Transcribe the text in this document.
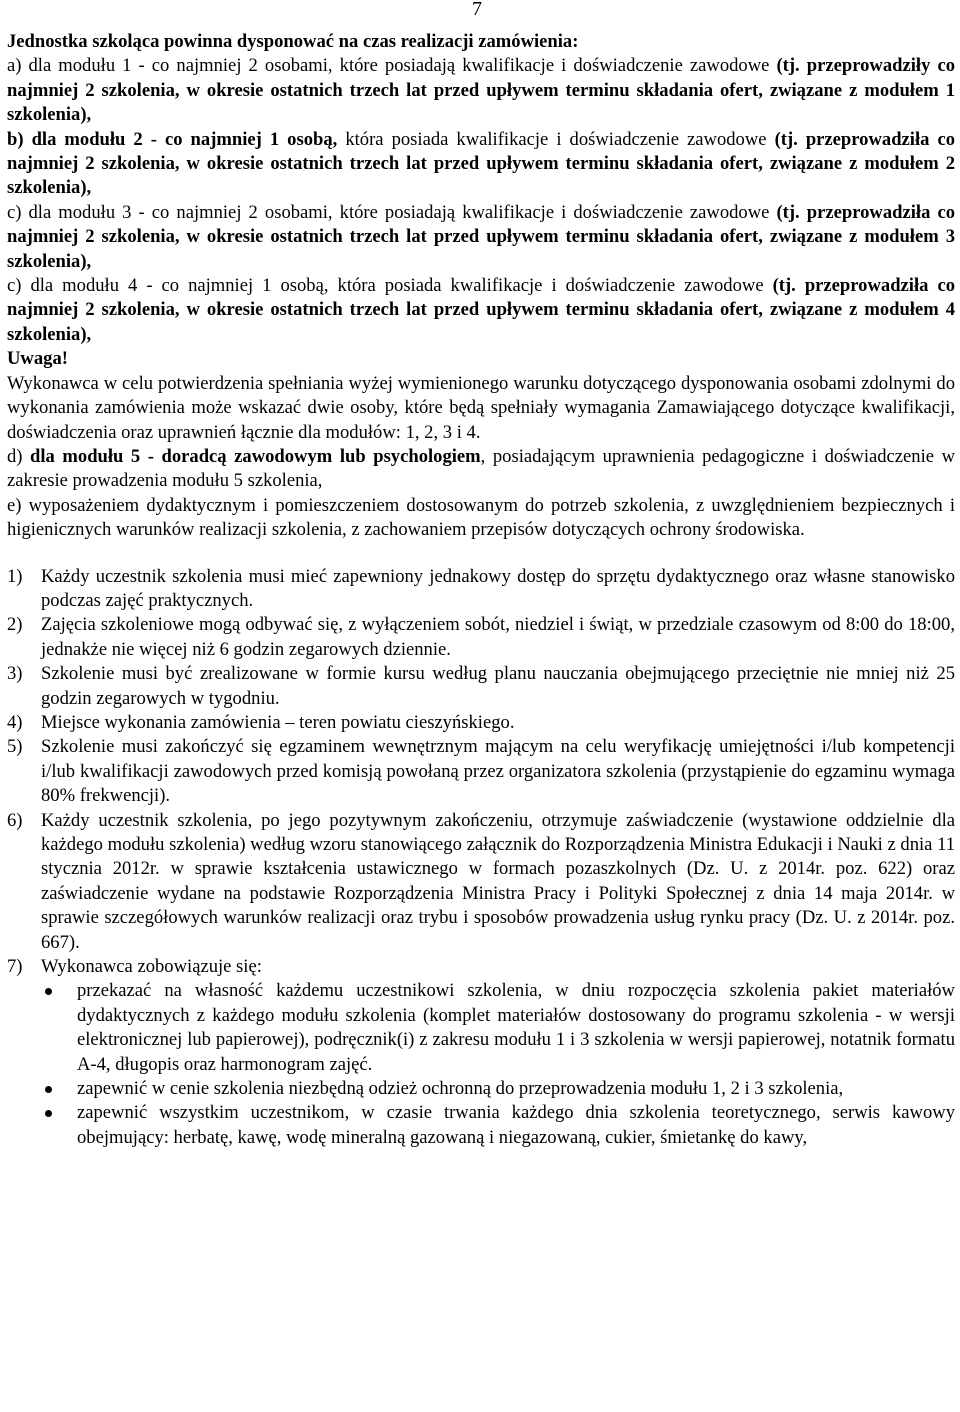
7

Jednostka szkoląca powinna dysponować na czas realizacji zamówienia:

a) dla modułu 1 - co najmniej 2 osobami, które posiadają kwalifikacje i doświadczenie zawodowe (tj. przeprowadziły co najmniej 2 szkolenia, w okresie ostatnich trzech lat przed upływem terminu składania ofert, związane z modułem 1 szkolenia),

b) dla modułu 2 - co najmniej 1 osobą, która posiada kwalifikacje i doświadczenie zawodowe (tj. przeprowadziła co najmniej 2 szkolenia, w okresie ostatnich trzech lat przed upływem terminu składania ofert, związane z modułem 2 szkolenia),

c) dla modułu 3 - co najmniej 2 osobami, które posiadają kwalifikacje i doświadczenie zawodowe (tj. przeprowadziła co najmniej 2 szkolenia, w okresie ostatnich trzech lat przed upływem terminu składania ofert, związane z modułem 3 szkolenia),

c) dla modułu 4 - co najmniej 1 osobą, która posiada kwalifikacje i doświadczenie zawodowe (tj. przeprowadziła co najmniej 2 szkolenia, w okresie ostatnich trzech lat przed upływem terminu składania ofert, związane z modułem 4 szkolenia),

Uwaga!

Wykonawca w celu potwierdzenia spełniania wyżej wymienionego warunku dotyczącego dysponowania osobami zdolnymi do wykonania zamówienia może wskazać dwie osoby, które będą spełniały wymagania Zamawiającego dotyczące kwalifikacji, doświadczenia oraz uprawnień łącznie dla modułów: 1, 2, 3 i 4.

d) dla modułu 5 - doradcą zawodowym lub psychologiem, posiadającym uprawnienia pedagogiczne i doświadczenie w zakresie prowadzenia modułu 5 szkolenia,

e) wyposażeniem dydaktycznym i pomieszczeniem dostosowanym do potrzeb szkolenia, z uwzględnieniem bezpiecznych i higienicznych warunków realizacji szkolenia, z zachowaniem przepisów dotyczących ochrony środowiska.

1) Każdy uczestnik szkolenia musi mieć zapewniony jednakowy dostęp do sprzętu dydaktycznego oraz własne stanowisko podczas zajęć praktycznych.
2) Zajęcia szkoleniowe mogą odbywać się, z wyłączeniem sobót, niedziel i świąt, w przedziale czasowym od 8:00 do 18:00, jednakże nie więcej niż 6 godzin zegarowych dziennie.
3) Szkolenie musi być zrealizowane w formie kursu według planu nauczania obejmującego przeciętnie nie mniej niż 25 godzin zegarowych w tygodniu.
4) Miejsce wykonania zamówienia – teren powiatu cieszyńskiego.
5) Szkolenie musi zakończyć się egzaminem wewnętrznym mającym na celu weryfikację umiejętności i/lub kompetencji i/lub kwalifikacji zawodowych przed komisją powołaną przez organizatora szkolenia (przystąpienie do egzaminu wymaga 80% frekwencji).
6) Każdy uczestnik szkolenia, po jego pozytywnym zakończeniu, otrzymuje zaświadczenie (wystawione oddzielnie dla każdego modułu szkolenia) według wzoru stanowiącego załącznik do Rozporządzenia Ministra Edukacji i Nauki z dnia 11 stycznia 2012r. w sprawie kształcenia ustawicznego w formach pozaszkolnych (Dz. U. z 2014r. poz. 622) oraz zaświadczenie wydane na podstawie Rozporządzenia Ministra Pracy i Polityki Społecznej z dnia 14 maja 2014r. w sprawie szczegółowych warunków realizacji oraz trybu i sposobów prowadzenia usług rynku pracy (Dz. U. z 2014r. poz. 667).
7) Wykonawca zobowiązuje się:
przekazać na własność każdemu uczestnikowi szkolenia, w dniu rozpoczęcia szkolenia pakiet materiałów dydaktycznych z każdego modułu szkolenia (komplet materiałów dostosowany do programu szkolenia - w wersji elektronicznej lub papierowej), podręcznik(i) z zakresu modułu 1 i 3 szkolenia w wersji papierowej, notatnik formatu A-4, długopis oraz harmonogram zajęć.
zapewnić w cenie szkolenia niezbędną odzież ochronną do przeprowadzenia modułu 1, 2 i 3 szkolenia,
zapewnić wszystkim uczestnikom, w czasie trwania każdego dnia szkolenia teoretycznego, serwis kawowy obejmujący: herbatę, kawę, wodę mineralną gazowaną i niegazowaną, cukier, śmietankę do kawy,
